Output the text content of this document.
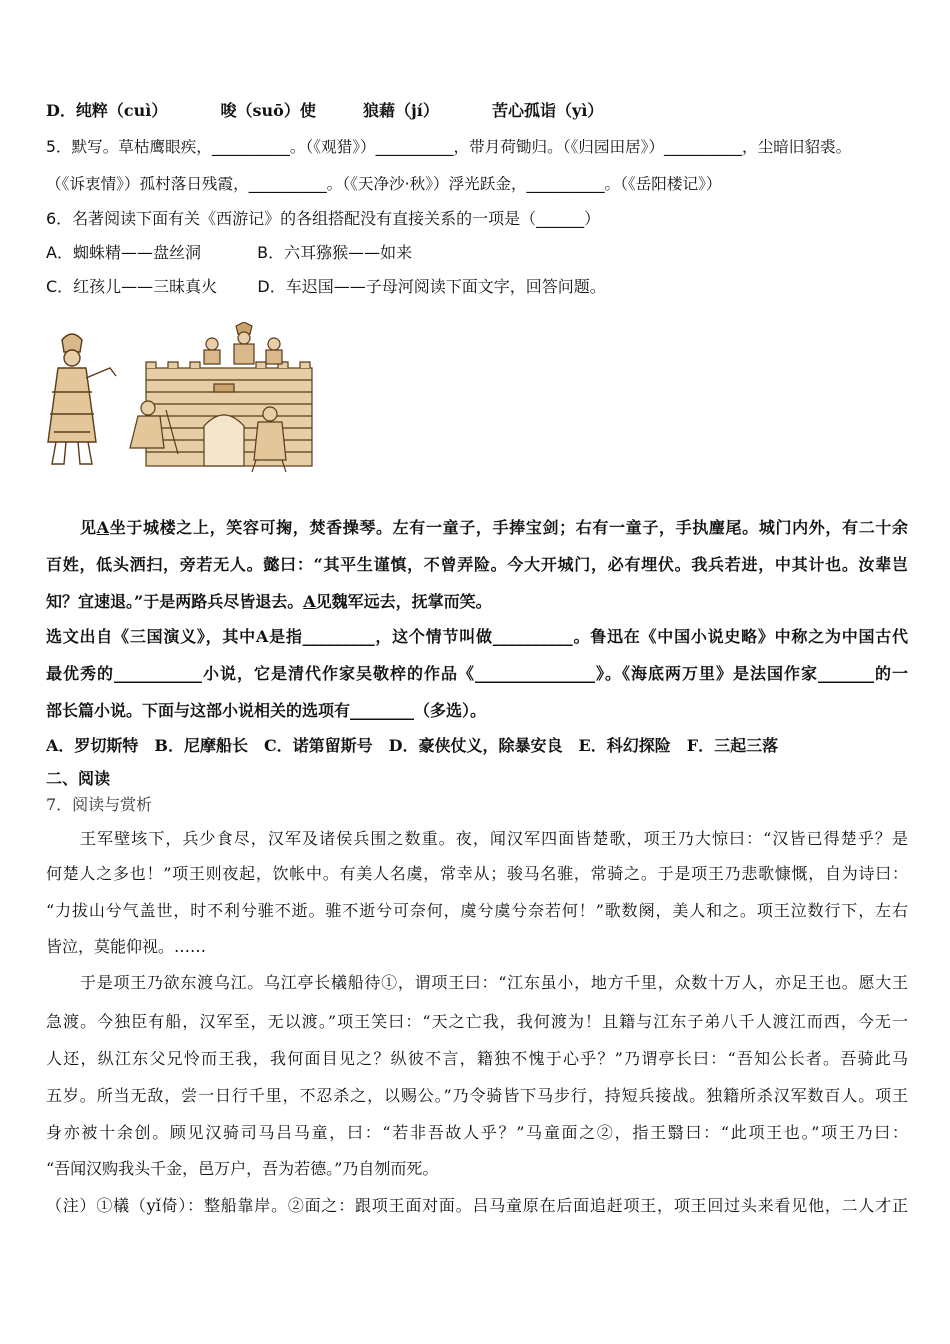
D．纯粹（cuì）	唆（suō）使	狼藉（jí）	苦心孤诣（yì）
5．默写。草枯鹰眼疾，__________。（《观猎》）__________，带月荷锄归。（《归园田居》）__________，尘暗旧貂裘。
（《诉衷情》）孤村落日残霞，__________。（《天净沙·秋》）浮光跃金，__________。（《岳阳楼记》）
6．名著阅读下面有关《西游记》的各组搭配没有直接关系的一项是（______）
A．蜘蛛精——盘丝洞	B．六耳猕猴——如来
C．红孩儿——三昧真火	D．车迟国——子母河阅读下面文字，回答问题。
见A坐于城楼之上，笑容可掬，焚香操琴。左有一童子，手捧宝剑；右有一童子，手执麈尾。城门内外，有二十余
百姓，低头洒扫，旁若无人。懿曰：“其平生谨慎，不曾弄险。今大开城门，必有埋伏。我兵若进，中其计也。汝辈岂
知？宜速退。”于是两路兵尽皆退去。A见魏军远去，抚掌而笑。
选文出自《三国演义》，其中A是指_________，这个情节叫做__________。鲁迅在《中国小说史略》中称之为中国古代
最优秀的___________小说，它是清代作家吴敬梓的作品《_______________》。《海底两万里》是法国作家_______的一
部长篇小说。下面与这部小说相关的选项有________（多选）。
A．罗切斯特　B．尼摩船长　C．诺第留斯号　D．豪侠仗义，除暴安良　E．科幻探险　F．三起三落
二、阅读
7．阅读与赏析
王军壁垓下，兵少食尽，汉军及诸侯兵围之数重。夜，闻汉军四面皆楚歌，项王乃大惊曰：“汉皆已得楚乎？是
何楚人之多也！”项王则夜起，饮帐中。有美人名虞，常幸从；骏马名骓，常骑之。于是项王乃悲歌慷慨，自为诗曰：
“力拔山兮气盖世，时不利兮骓不逝。骓不逝兮可奈何，虞兮虞兮奈若何！”歌数阕，美人和之。项王泣数行下，左右
皆泣，莫能仰视。……
于是项王乃欲东渡乌江。乌江亭长檥船待①，谓项王曰：“江东虽小，地方千里，众数十万人，亦足王也。愿大王
急渡。今独臣有船，汉军至，无以渡。”项王笑曰：“天之亡我，我何渡为！且籍与江东子弟八千人渡江而西，今无一
人还，纵江东父兄怜而王我，我何面目见之？纵彼不言，籍独不愧于心乎？”乃谓亭长曰：“吾知公长者。吾骑此马
五岁。所当无敌，尝一日行千里，不忍杀之，以赐公。”乃令骑皆下马步行，持短兵接战。独籍所杀汉军数百人。项王
身亦被十余创。顾见汉骑司马吕马童，曰：“若非吾故人乎？”马童面之②，指王翳曰：“此项王也。”项王乃曰：
“吾闻汉购我头千金，邑万户，吾为若德。”乃自刎而死。
（注）①檥（yǐ倚）：整船靠岸。②面之：跟项王面对面。吕马童原在后面追赶项王，项王回过头来看见他，二人才正
